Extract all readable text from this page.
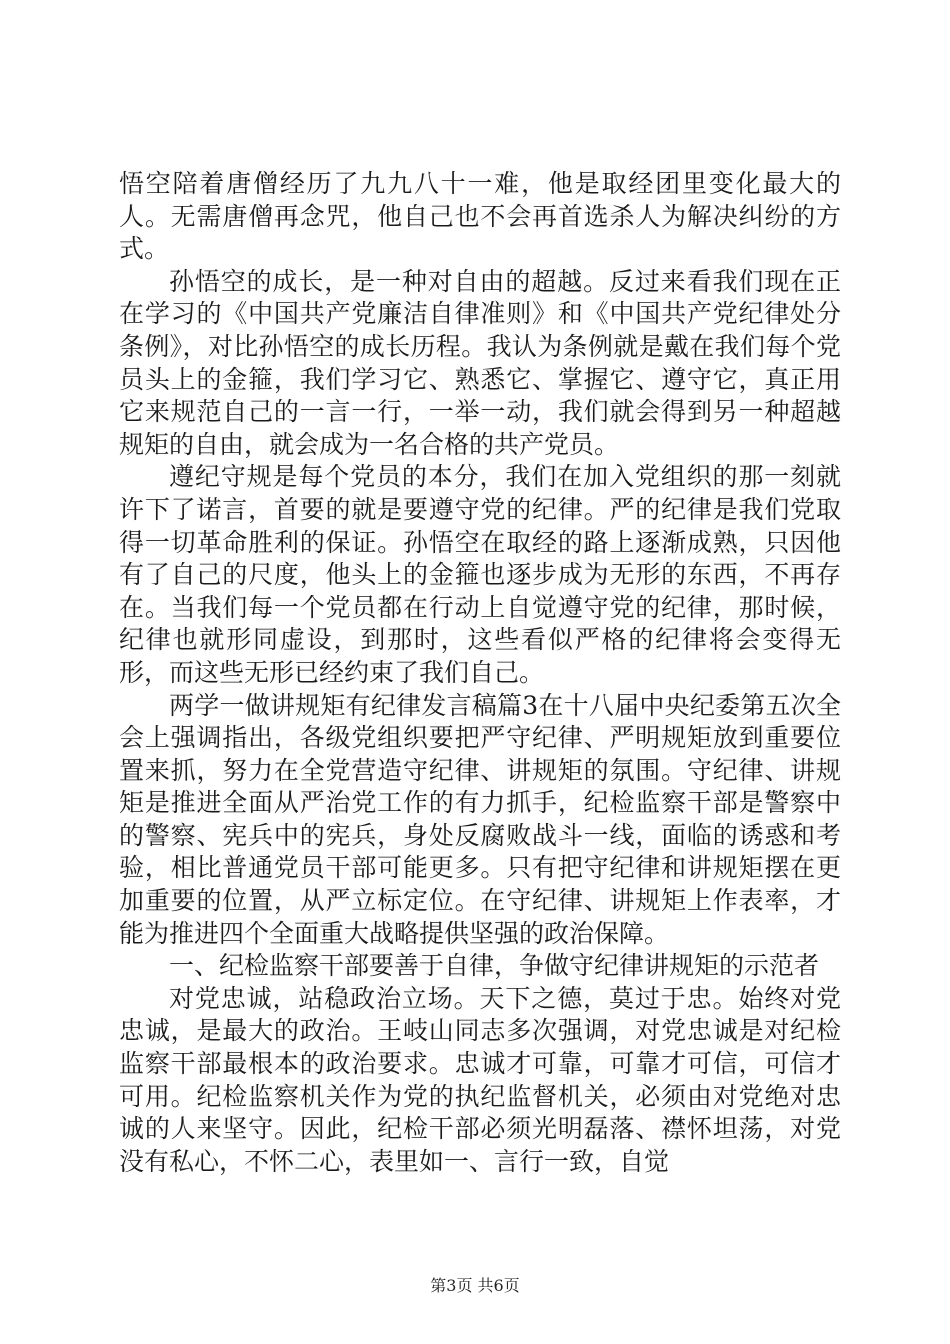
悟空陪着唐僧经历了九九八十一难，他是取经团里变化最大的人。无需唐僧再念咒，他自己也不会再首选杀人为解决纠纷的方式。

孙悟空的成长，是一种对自由的超越。反过来看我们现在正在学习的《中国共产党廉洁自律准则》和《中国共产党纪律处分条例》，对比孙悟空的成长历程。我认为条例就是戴在我们每个党员头上的金箍，我们学习它、熟悉它、掌握它、遵守它，真正用它来规范自己的一言一行，一举一动，我们就会得到另一种超越规矩的自由，就会成为一名合格的共产党员。

遵纪守规是每个党员的本分，我们在加入党组织的那一刻就许下了诺言，首要的就是要遵守党的纪律。严的纪律是我们党取得一切革命胜利的保证。孙悟空在取经的路上逐渐成熟，只因他有了自己的尺度，他头上的金箍也逐步成为无形的东西，不再存在。当我们每一个党员都在行动上自觉遵守党的纪律，那时候，纪律也就形同虚设，到那时，这些看似严格的纪律将会变得无形，而这些无形已经约束了我们自己。

两学一做讲规矩有纪律发言稿篇3在十八届中央纪委第五次全会上强调指出，各级党组织要把严守纪律、严明规矩放到重要位置来抓，努力在全党营造守纪律、讲规矩的氛围。守纪律、讲规矩是推进全面从严治党工作的有力抓手，纪检监察干部是警察中的警察、宪兵中的宪兵，身处反腐败战斗一线，面临的诱惑和考验，相比普通党员干部可能更多。只有把守纪律和讲规矩摆在更加重要的位置，从严立标定位。在守纪律、讲规矩上作表率，才能为推进四个全面重大战略提供坚强的政治保障。

一、纪检监察干部要善于自律，争做守纪律讲规矩的示范者

对党忠诚，站稳政治立场。天下之德，莫过于忠。始终对党忠诚，是最大的政治。王岐山同志多次强调，对党忠诚是对纪检监察干部最根本的政治要求。忠诚才可靠，可靠才可信，可信才可用。纪检监察机关作为党的执纪监督机关，必须由对党绝对忠诚的人来坚守。因此，纪检干部必须光明磊落、襟怀坦荡，对党没有私心，不怀二心，表里如一、言行一致，自觉

第3页 共6页
